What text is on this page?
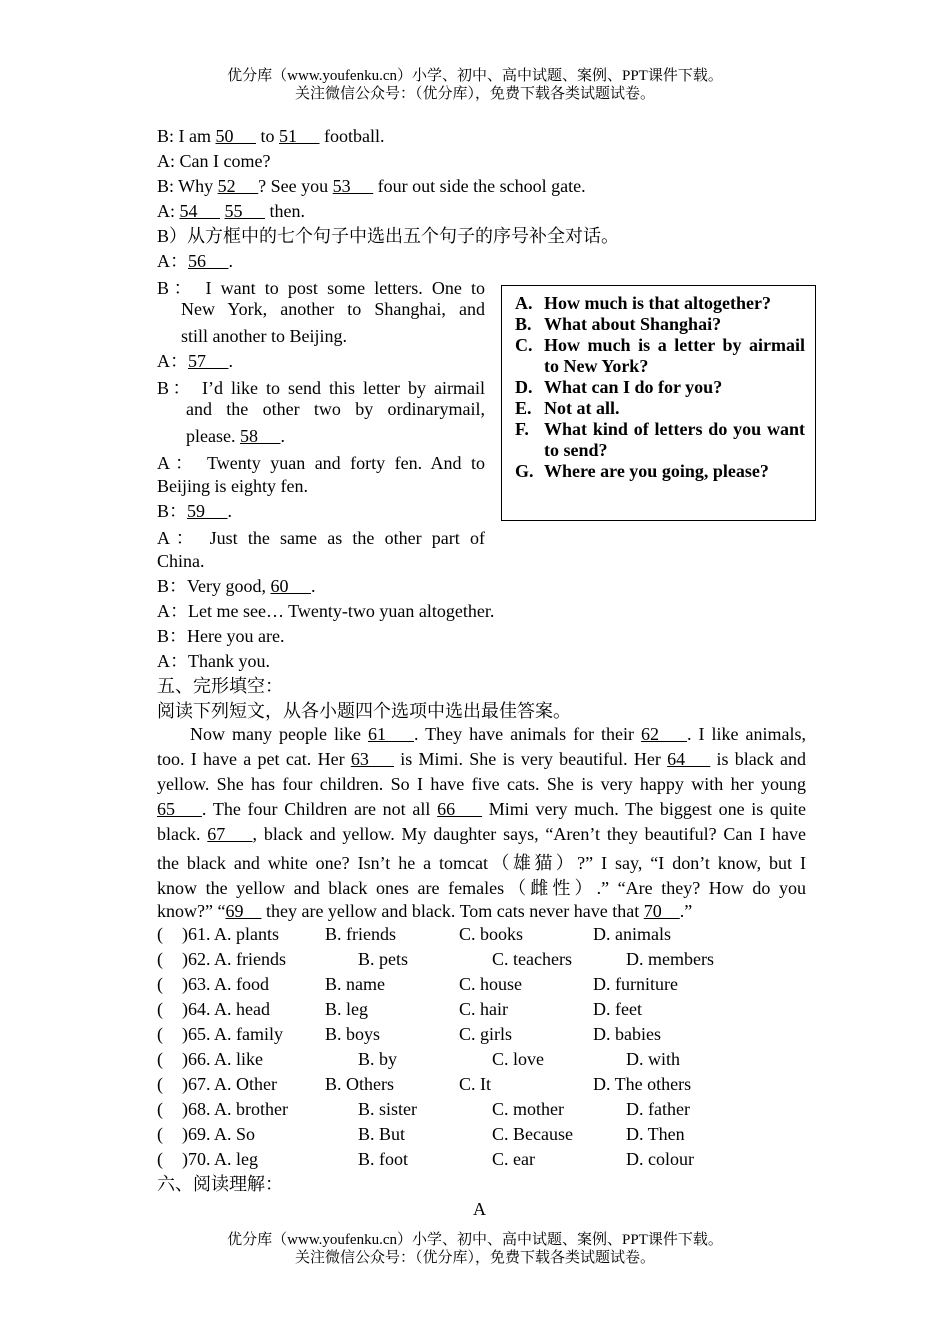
优分库（www.youfenku.cn）小学、初中、高中试题、案例、PPT课件下载。
关注微信公众号：（优分库），免费下载各类试题试卷。
B: I am 50      to 51      football.
A: Can I come?
B: Why 52     ? See you 53      four out side the school gate.
A: 54      55      then.
B）从方框中的七个句子中选出五个句子的序号补全对话。
A：56     .
B： I want to post some letters. One to
New York, another to Shanghai, and
still another to Beijing.
A：57     .
B： I’d like to send this letter by airmail
and the other two by ordinarymail,
please. 58     .
A： Twenty yuan and forty fen. And to
Beijing is eighty fen.
B：59     .
A： Just the same as the other part of
China.
B：Very good, 60     .
A：Let me see… Twenty-two yuan altogether.
B：Here you are.
A：Thank you.
A. How much is that altogether?
B. What about Shanghai?
C. How much is a letter by airmail to New York?
D. What can I do for you?
E. Not at all.
F. What kind of letters do you want to send?
G. Where are you going, please?
五、完形填空：
阅读下列短文，从各小题四个选项中选出最佳答案。
Now many people like 61    . They have animals for their 62    . I like animals,
too. I have a pet cat. Her 63     is Mimi. She is very beautiful. Her 64     is black and
yellow. She has four children. So I have five cats. She is very happy with her young
65    . The four Children are not all 66     Mimi very much. The biggest one is quite
black. 67    , black and yellow. My daughter says, “Aren’t they beautiful? Can I have
the black and white one? Isn’t he a tomcat（雄猫）?” I say, “I don’t know, but I
know the yellow and black ones are females（雌性）.” “Are they? How do you
know?” “69     they are yellow and black. Tom cats never have that 70    .”
( )61. A. plants	B. friends	C. books	D. animals
( )62. A. friends	B. pets	C. teachers	D. members
( )63. A. food	B. name	C. house	D. furniture
( )64. A. head	B. leg	C. hair	D. feet
( )65. A. family B. boys	C. girls	D. babies
( )66. A. like	B. by	C. love	D. with
( )67. A. Other	B. Others	C. It	D. The others
( )68. A. brother	B. sister	C. mother	D. father
( )69. A. So	B. But	C. Because	D. Then
( )70. A. leg	B. foot	C. ear	D. colour
六、阅读理解：
A
优分库（www.youfenku.cn）小学、初中、高中试题、案例、PPT课件下载。
关注微信公众号：（优分库），免费下载各类试题试卷。
